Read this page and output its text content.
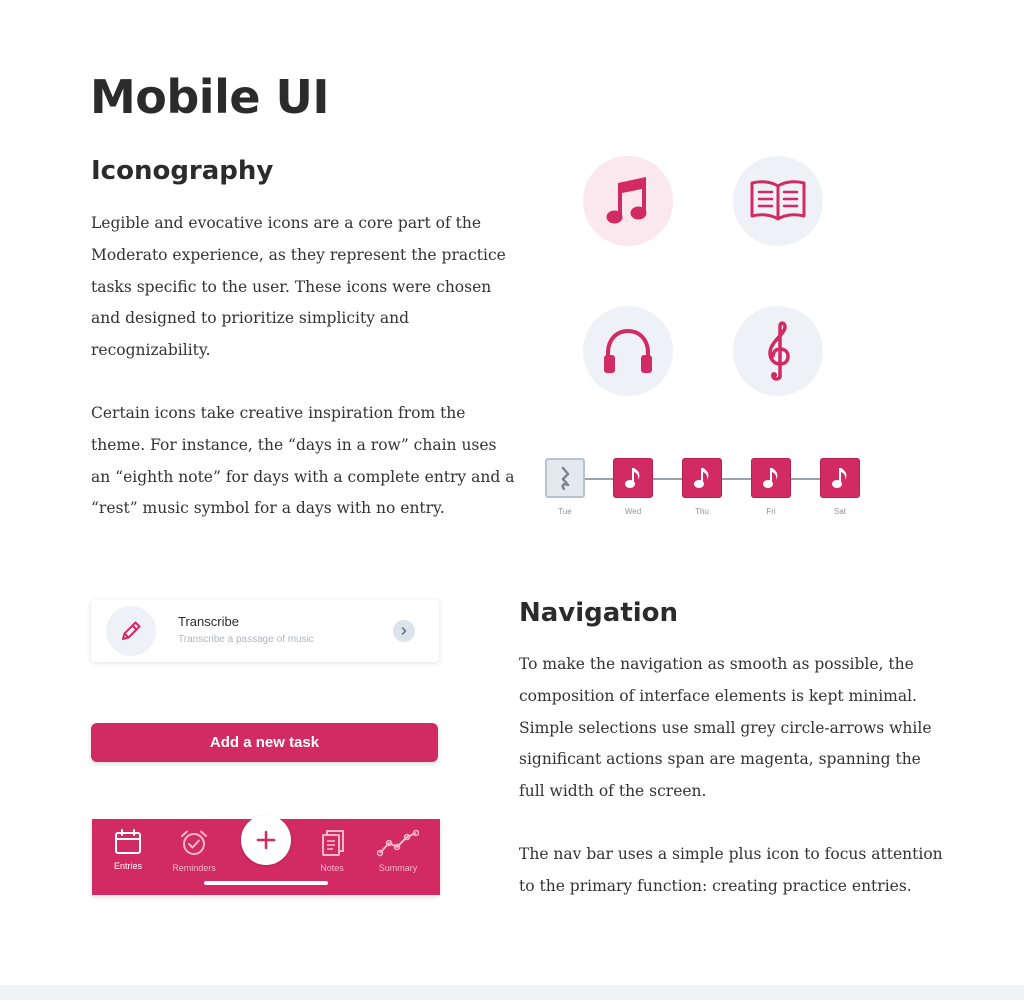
Mobile UI
Iconography

Legible and evocative icons are a core part of the
Moderato experience, as they represent the practice
tasks specific to the user. These icons were chosen
and designed to prioritize simplicity and
recognizability.

Certain icons take creative inspiration from the
theme. For instance, the “days in a row” chain uses
an “eighth note” for days with a complete entry and a
“rest” music symbol for a days with no entry.	Tue	Wed	Thu	Fri	Sat
Transcribe
Transcribe a passage of music
Add a new task
Entries	Reminders	Notes	Summary
Navigation

To make the navigation as smooth as possible, the
composition of interface elements is kept minimal.
Simple selections use small grey circle-arrows while
significant actions span are magenta, spanning the
full width of the screen.

The nav bar uses a simple plus icon to focus attention
to the primary function: creating practice entries.
